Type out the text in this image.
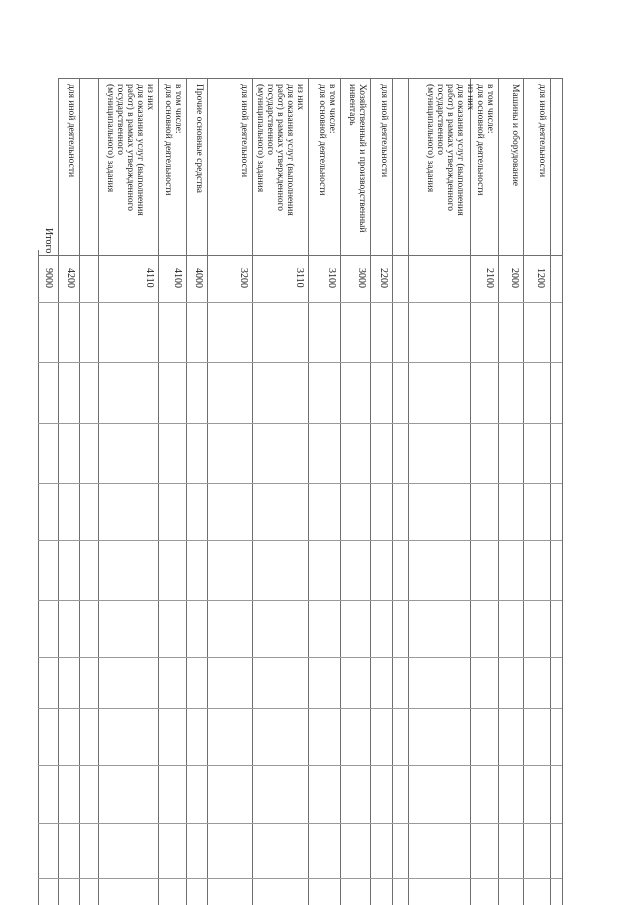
для иной деятельности
1200
Машины и оборудование
2000
в том числе:
для основной деятельности
из них
для оказания услуг (выполнения
работ) в рамках утвержденного
государственного
(муниципального) задания
2100
для иной деятельности
2200
Хозяйственный и производственный
инвентарь
3000
в том числе:
для основной деятельности
3100
из них
для оказания услуг (выполнения
работ) в рамках утвержденного
государственного
(муниципального) задания
3110
для иной деятельности
3200
Прочие основные средства
4000
в том числе:
для основной деятельности
4100
из них
для оказания услуг (выполнения
работ) в рамках утвержденного
государственного
(муниципального) задания
4110
для иной деятельности
4200
Итого
9000
